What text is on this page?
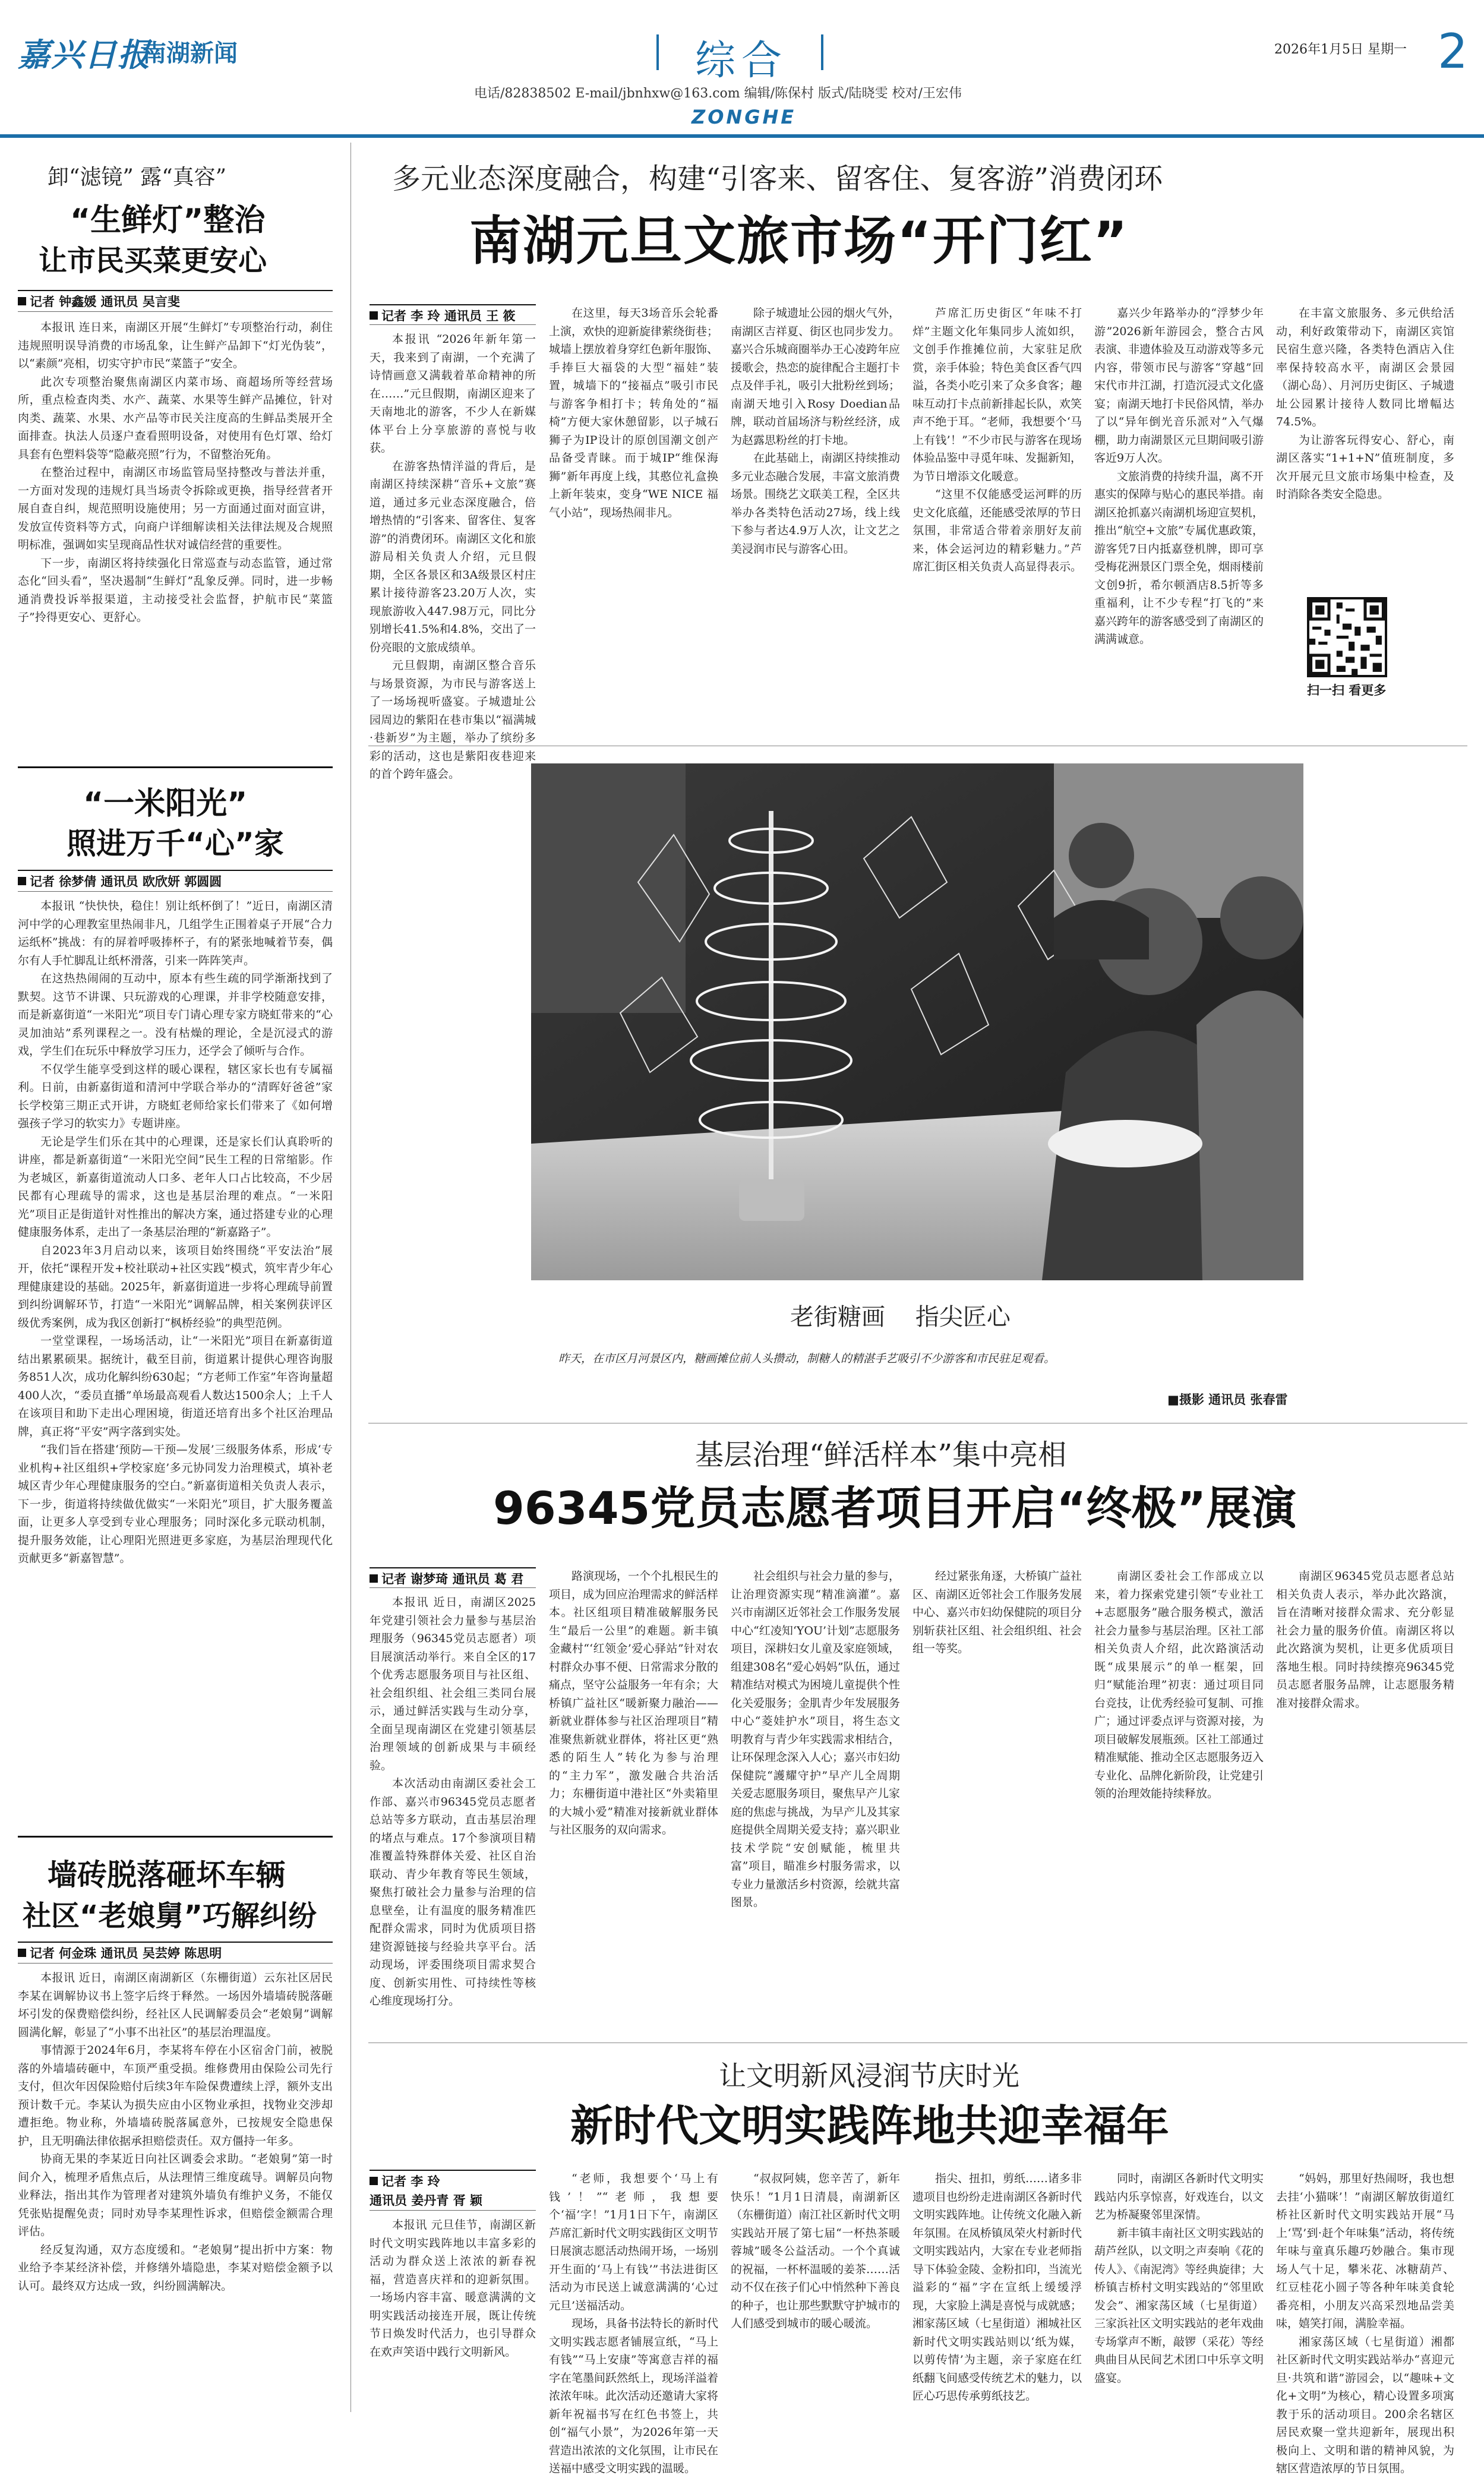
嘉兴日报
南湖新闻	综合	2026年1月5日 星期一 2
电话/82838502 E-mail/jbnhxw@163.com 编辑/陈保村 版式/陆晓雯 校对/王宏伟
ZONGHE
卸“滤镜” 露“真容”
“生鲜灯”整治
让市民买菜更安心
记者 钟鑫媛 通讯员 吴言斐

本报讯 连日来，南湖区开展“生鲜灯”专项整治行动，刹住违规照明误导消费的市场乱象，让生鲜产品卸下“灯光伪装”，以“素颜”亮相，切实守护市民“菜篮子”安全。

此次专项整治聚焦南湖区内菜市场、商超场所等经营场所，重点检查肉类、水产、蔬菜、水果等生鲜产品摊位，针对肉类、蔬菜、水果、水产品等市民关注度高的生鲜品类展开全面排查。执法人员逐户查看照明设备，对使用有色灯罩、给灯具套有色塑料袋等“隐蔽亮照”行为，不留整治死角。

在整治过程中，南湖区市场监管局坚持整改与普法并重，一方面对发现的违规灯具当场责令拆除或更换，指导经营者开展自查自纠，规范照明设施使用；另一方面通过面对面宣讲，发放宣传资料等方式，向商户详细解读相关法律法规及合规照明标准，强调如实呈现商品性状对诚信经营的重要性。

下一步，南湖区将持续强化日常巡查与动态监管，通过常态化“回头看”，坚决遏制“生鲜灯”乱象反弹。同时，进一步畅通消费投诉举报渠道，主动接受社会监督，护航市民“菜篮子”拎得更安心、更舒心。

“一米阳光”
照进万千“心”家
记者 徐梦倩 通讯员 欧欣妍 郭圆圆

本报讯 “快快快，稳住！别让纸杯倒了！”近日，南湖区清河中学的心理教室里热闹非凡，几组学生正围着桌子开展“合力运纸杯”挑战：有的屏着呼吸捧杯子，有的紧张地喊着节奏，偶尔有人手忙脚乱让纸杯滑落，引来一阵阵笑声。

在这热热闹闹的互动中，原本有些生疏的同学渐渐找到了默契。这节不讲课、只玩游戏的心理课，并非学校随意安排，而是新嘉街道“一米阳光”项目专门请心理专家方晓虹带来的“心灵加油站”系列课程之一。没有枯燥的理论，全是沉浸式的游戏，学生们在玩乐中释放学习压力，还学会了倾听与合作。

不仅学生能享受到这样的暖心课程，辖区家长也有专属福利。日前，由新嘉街道和清河中学联合举办的“清晖好爸爸”家长学校第三期正式开讲，方晓虹老师给家长们带来了《如何增强孩子学习的软实力》专题讲座。

无论是学生们乐在其中的心理课，还是家长们认真聆听的讲座，都是新嘉街道“一米阳光空间”民生工程的日常缩影。作为老城区，新嘉街道流动人口多、老年人口占比较高，不少居民都有心理疏导的需求，这也是基层治理的难点。“一米阳光”项目正是街道针对性推出的解决方案，通过搭建专业的心理健康服务体系，走出了一条基层治理的“新嘉路子”。

自2023年3月启动以来，该项目始终围绕“平安法治”展开，依托“课程开发+校社联动+社区实践”模式，筑牢青少年心理健康建设的基础。2025年，新嘉街道进一步将心理疏导前置到纠纷调解环节，打造“一米阳光”调解品牌，相关案例获评区级优秀案例，成为我区创新打“枫桥经验”的典型范例。

一堂堂课程，一场场活动，让“一米阳光”项目在新嘉街道结出累累硕果。据统计，截至目前，街道累计提供心理咨询服务851人次，成功化解纠纷630起；“方老师工作室”年咨询量超400人次，“委员直播”单场最高观看人数达1500余人；上千人在该项目和助下走出心理困境，街道还培育出多个社区治理品牌，真正将“平安”两字落到实处。

“我们旨在搭建‘预防—干预—发展’三级服务体系，形成‘专业机构+社区组织+学校家庭’多元协同发力治理模式，填补老城区青少年心理健康服务的空白。”新嘉街道相关负责人表示，下一步，街道将持续做优做实“一米阳光”项目，扩大服务覆盖面，让更多人享受到专业心理服务；同时深化多元联动机制，提升服务效能，让心理阳光照进更多家庭，为基层治理现代化贡献更多“新嘉智慧”。

墙砖脱落砸坏车辆
社区“老娘舅”巧解纠纷
记者 何金珠 通讯员 吴芸婷 陈思明

本报讯 近日，南湖区南湖新区（东栅街道）云东社区居民李某在调解协议书上签字后终于释然。一场因外墙墙砖脱落砸坏引发的保费赔偿纠纷，经社区人民调解委员会“老娘舅”调解圆满化解，彰显了“小事不出社区”的基层治理温度。

事情源于2024年6月，李某将车停在小区宿舍门前，被脱落的外墙墙砖砸中，车顶严重受损。维修费用由保险公司先行支付，但次年因保险赔付后续3年车险保费遭续上浮，额外支出预计数千元。李某认为损失应由小区物业承担，找物业交涉却遭拒绝。物业称，外墙墙砖脱落属意外，已按规安全隐患保护，且无明确法律依据承担赔偿责任。双方僵持一年多。

协商无果的李某近日向社区调委会求助。“老娘舅”第一时间介入，梳理矛盾焦点后，从法理情三维度疏导。调解员向物业释法，指出其作为管理者对建筑外墙负有维护义务，不能仅凭张贴提醒免责；同时劝导李某理性诉求，但赔偿金额需合理评估。

经反复沟通，双方态度缓和。“老娘舅”提出折中方案：物业给予李某经济补偿，并修缮外墙隐患，李某对赔偿金额予以认可。最终双方达成一致，纠纷圆满解决。

多元业态深度融合，构建“引客来、留客住、复客游”消费闭环
南湖元旦文旅市场“开门红”
记者 李 玲 通讯员 王 筱

本报讯 “2026年新年第一天，我来到了南湖，一个充满了诗情画意又满载着革命精神的所在……”元旦假期，南湖区迎来了天南地北的游客，不少人在新媒体平台上分享旅游的喜悦与收获。

在游客热情洋溢的背后，是南湖区持续深耕“音乐+文旅”赛道，通过多元业态深度融合，倍增热情的“引客来、留客住、复客游”的消费闭环。南湖区文化和旅游局相关负责人介绍，元旦假期，全区各景区和3A级景区村庄累计接待游客23.20万人次，实现旅游收入447.98万元，同比分别增长41.5%和4.8%，交出了一份亮眼的文旅成绩单。

元旦假期，南湖区整合音乐与场景资源，为市民与游客送上了一场场视听盛宴。子城遗址公园周边的紫阳在巷市集以“福满城·巷新岁”为主题，举办了缤纷多彩的活动，这也是紫阳夜巷迎来的首个跨年盛会。

在这里，每天3场音乐会轮番上演，欢快的迎新旋律萦绕街巷；城墙上摆放着身穿红色新年服饰、手捧巨大福袋的大型“福娃”装置，城墙下的“接福点”吸引市民与游客争相打卡；转角处的“福椅”方便大家休憩留影，以子城石狮子为IP设计的原创国潮文创产品备受青睐。而于城IP“维保海狮”新年再度上线，其憨位礼盒换上新年装束，变身“WE NICE 福气小站”，现场热闹非凡。

除子城遗址公园的烟火气外，南湖区吉祥夏、街区也同步发力。嘉兴合乐城商圈举办王心凌跨年应援歌会，热恋的旋律配合主题打卡点及伴手礼，吸引大批粉丝到场；南湖天地引入Rosy Doedian品牌，联动首届场济与粉丝经济，成为赵露思粉丝的打卡地。

在此基础上，南湖区持续推动多元业态融合发展，丰富文旅消费场景。围绕艺文联美工程，全区共举办各类特色活动27场，线上线下参与者达4.9万人次，让文艺之美浸润市民与游客心田。

芦席汇历史街区“年味不打烊”主题文化年集同步人流如织，文创手作推摊位前，大家驻足欣赏，亲手体验；特色美食区香气四溢，各类小吃引来了众多食客；趣味互动打卡点前新排起长队，欢笑声不绝于耳。“老师，我想要个‘马上有钱’！”不少市民与游客在现场体验品鉴中寻觅年味、发掘新知，为节日增添文化暖意。

“这里不仅能感受运河畔的历史文化底蕴，还能感受浓厚的节日氛围，非常适合带着亲朋好友前来，体会运河边的精彩魅力。”芦席汇街区相关负责人高显得表示。

嘉兴少年路举办的“浮梦少年游”2026新年游园会，整合古风表演、非遗体验及互动游戏等多元内容，带领市民与游客“穿越”回宋代市井江湖，打造沉浸式文化盛宴；南湖天地打卡民俗风情，举办了以“异年倒光音乐派对”入气爆棚，助力南湖景区元旦期间吸引游客近9万人次。

文旅消费的持续升温，离不开惠实的保障与贴心的惠民举措。南湖区抢抓嘉兴南湖机场迎宣契机，推出“航空+文旅”专属优惠政策，游客凭7日内抵嘉登机牌，即可享受梅花洲景区门票全免，烟雨楼前文创9折，希尔顿酒店8.5折等多重福利，让不少专程“打飞的”来嘉兴跨年的游客感受到了南湖区的满满诚意。

在丰富文旅服务、多元供给活动，利好政策带动下，南湖区宾馆民宿生意兴隆，各类特色酒店入住率保持较高水平，南湖区会景园（湖心岛）、月河历史街区、子城遗址公园累计接待人数同比增幅达74.5%。

为让游客玩得安心、舒心，南湖区落实“1+1+N”值班制度，多次开展元旦文旅市场集中检查，及时消除各类安全隐患。

扫一扫 看更多
老街糖画    指尖匠心
昨天，在市区月河景区内，糖画摊位前人头攒动，制糖人的精湛手艺吸引不少游客和市民驻足观看。
■摄影 通讯员 张春雷
基层治理“鲜活样本”集中亮相
96345党员志愿者项目开启“终极”展演
记者 谢梦琦 通讯员 葛 君

本报讯 近日，南湖区2025年党建引领社会力量参与基层治理服务（96345党员志愿者）项目展演活动举行。来自全区的17个优秀志愿服务项目与社区组、社会组织组、社会组三类同台展示，通过鲜活实践与生动分享，全面呈现南湖区在党建引领基层治理领域的创新成果与丰硕经验。

本次活动由南湖区委社会工作部、嘉兴市96345党员志愿者总站等多方联动，直击基层治理的堵点与难点。17个参演项目精准覆盖特殊群体关爱、社区自治联动、青少年教育等民生领域，聚焦打破社会力量参与治理的信息壁垒，让有温度的服务精准匹配群众需求，同时为优质项目搭建资源链接与经验共享平台。活动现场，评委围绕项目需求契合度、创新实用性、可持续性等核心维度现场打分。

路演现场，一个个扎根民生的项目，成为回应治理需求的鲜活样本。社区组项目精准破解服务民生“最后一公里”的难题。新丰镇金藏村“‘红领金’爱心驿站”针对农村群众办事不便、日常需求分散的痛点，坚守公益服务一年有余；大桥镇广益社区“暖新聚力融治——新就业群体参与社区治理项目”精准聚焦新就业群体，将社区更“熟悉的陌生人”转化为参与治理的“主力军”，激发融合共治活力；东栅街道中港社区“外卖箱里的大城小爱”精准对接新就业群体与社区服务的双向需求。

社会组织与社会力量的参与，让治理资源实现“精准滴灌”。嘉兴市南湖区近邻社会工作服务发展中心“红凌知‘YOU’计划”志愿服务项目，深耕妇女儿童及家庭领域，组建308名“爱心妈妈”队伍，通过精准结对模式为困境儿童提供个性化关爱服务；金肌青少年发展服务中心“菱娃护水”项目，将生态文明教育与青少年实践需求相结合，让环保理念深入人心；嘉兴市妇幼保健院“護耀守护”早产儿全周期关爱志愿服务项目，聚焦早产儿家庭的焦虑与挑战，为早产儿及其家庭提供全周期关爱支持；嘉兴职业技术学院“安创赋能，梳里共富”项目，瞄准乡村服务需求，以专业力量激活乡村资源，绘就共富图景。

经过紧张角逐，大桥镇广益社区、南湖区近邻社会工作服务发展中心、嘉兴市妇幼保健院的项目分别斩获社区组、社会组织组、社会组一等奖。

南湖区委社会工作部成立以来，着力探索党建引领“专业社工+志愿服务”融合服务模式，激活社会力量参与基层治理。区社工部相关负责人介绍，此次路演活动既“成果展示”的单一框架，回归“赋能治理”初衷：通过项目同台竞技，让优秀经验可复制、可推广；通过评委点评与资源对接，为项目破解发展瓶颈。区社工部通过精准赋能、推动全区志愿服务迈入专业化、品牌化新阶段，让党建引领的治理效能持续释放。

南湖区96345党员志愿者总站相关负责人表示，举办此次路演，旨在清晰对接群众需求、充分彰显社会力量的服务价值。南湖区将以此次路演为契机，让更多优质项目落地生根。同时持续擦亮96345党员志愿者服务品牌，让志愿服务精准对接群众需求。

让文明新风浸润节庆时光
新时代文明实践阵地共迎幸福年
记者 李 玲
通讯员 姜丹青 胥 颖

本报讯 元旦佳节，南湖区新时代文明实践阵地以丰富多彩的活动为群众送上浓浓的新春祝福，营造喜庆祥和的迎新氛围。一场场内容丰富、暖意满满的文明实践活动接连开展，既让传统节日焕发时代活力，也引导群众在欢声笑语中践行文明新风。

“老师，我想要个‘马上有钱’！”“老师，我想要个‘福’字！”1月1日下午，南湖区芦席汇新时代文明实践街区文明节日展演志愿活动热闹开场，一场别开生面的‘马上有钱’”书法进街区活动为市民送上诚意满满的‘心过元旦’送福活动。

现场，具备书法特长的新时代文明实践志愿者铺展宣纸，“马上有钱”“马上安康”等寓意吉祥的福字在笔墨间跃然纸上，现场洋溢着浓浓年味。此次活动还邀请大家将新年祝福书写在红色书签上，共创“福气小景”，为2026年第一天营造出浓浓的文化氛围，让市民在送福中感受文明实践的温暖。

“叔叔阿姨，您辛苦了，新年快乐！”1月1日清晨，南湖新区（东栅街道）南江社区新时代文明实践站开展了第七届“一杯热茶暖蓉城”暖冬公益活动。一个个真诚的祝福，一杯杯温暖的姜茶……活动不仅在孩子们心中悄然种下善良的种子，也让那些默默守护城市的人们感受到城市的暖心暖流。

指尖、扭扣，剪纸……诸多非遗项目也纷纷走进南湖区各新时代文明实践阵地。让传统文化融入新年氛围。在凤桥镇凤荣火村新时代文明实践站内，大家在专业老师指导下体验金陵、金粉扣印，当流光溢彩的“福”字在宣纸上缓缓浮现，大家脸上满是喜悦与成就感；湘家荡区域（七星街道）湘城社区新时代文明实践站则以‘纸为媒，以剪传情’为主题，亲子家庭在红纸翻飞间感受传统艺术的魅力，以匠心巧思传承剪纸技艺。

同时，南湖区各新时代文明实践站内乐享惊喜，好戏连台，以文艺为桥凝聚邻里深情。

新丰镇丰南社区文明实践站的葫芦丝队，以文明之声奏响《花的传人》、《南泥湾》等经典旋律；大桥镇吉桥村文明实践站的“邻里欧发会”、湘家荡区域（七星街道）三家浜社区文明实践站的老年戏曲专场掌声不断，敲锣（采花）等经典曲目从民间艺术团口中乐享文明盛宴。

“妈妈，那里好热闹呀，我也想去挂‘小猫咪’！”南湖区解放街道红桥社区新时代文明实践站开展“马上‘骂’到·赶个年味集”活动，将传统年味与童真乐趣巧妙融合。集市现场人气十足，攀米花、冰糖葫芦、红豆桂花小圆子等各种年味美食轮番亮相，小朋友兴高采烈地品尝美味，嬉笑打闹，满脸幸福。

湘家荡区域（七星街道）湘都社区新时代文明实践站举办“喜迎元旦·共筑和谐”游园会，以“趣味+文化+文明”为核心，精心设置多项寓教于乐的活动项目。200余名辖区居民欢聚一堂共迎新年，展现出积极向上、文明和谐的精神风貌，为辖区营造浓厚的节日氛围。
